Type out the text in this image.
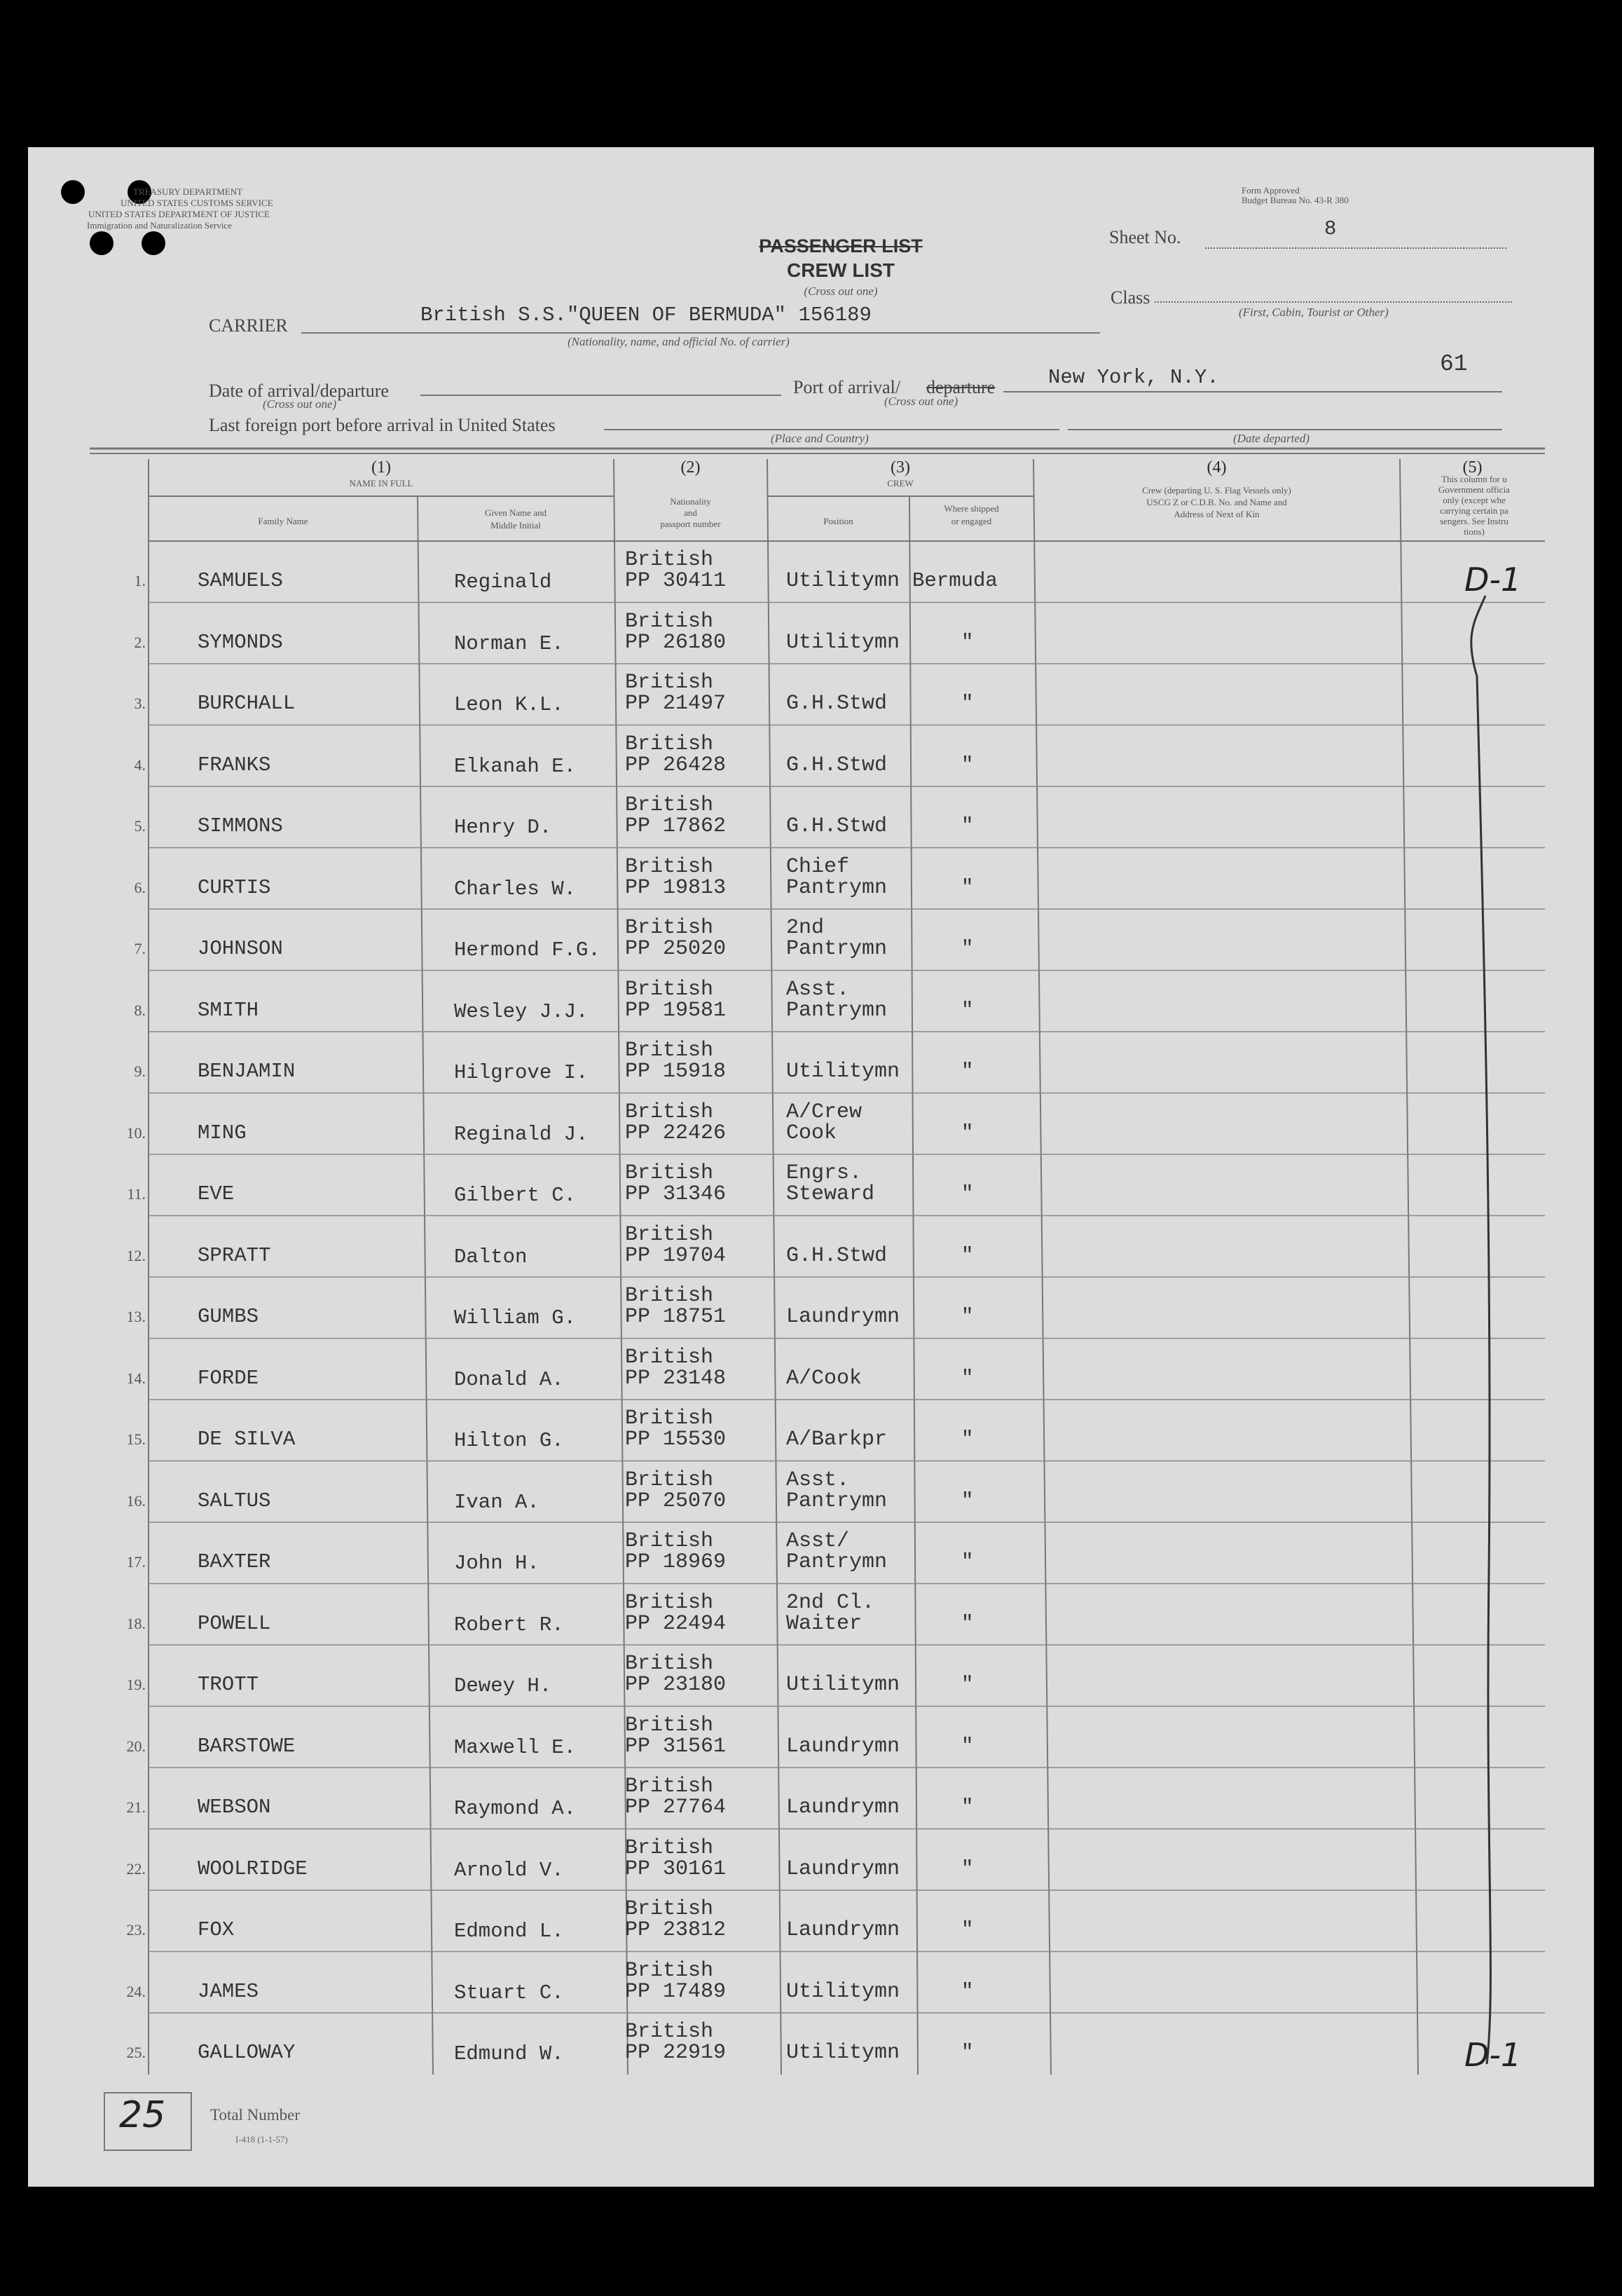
TREASURY DEPARTMENT
UNITED STATES CUSTOMS SERVICE
UNITED STATES DEPARTMENT OF JUSTICE
Immigration and Naturalization Service
Form Approved
Budget Bureau No. 43-R 380
PASSENGER LIST
CREW LIST
(Cross out one)
Sheet No.	8
Class
(First, Cabin, Tourist or Other)
CARRIER	British S.S."QUEEN OF BERMUDA" 156189
(Nationality, name, and official No. of carrier)
Date of arrival/departure
(Cross out one)
Port of arrival/ departure
(Cross out one)
New York, N.Y.
61
Last foreign port before arrival in United States
(Place and Country)	(Date departed)
(1)
NAME IN FULL
Family Name
Given Name and
Middle Initial
(2)
Nationality
and
passport number
(3)
CREW
Position
Where shipped
or engaged
(4)
Crew (departing U. S. Flag Vessels only)
USCG Z or C.D.B. No. and Name and
Address of Next of Kin
(5)
This column for u
Government officia
only (except whe
carrying certain pa
sengers. See Instru
tions)
1.	SAMUELS	Reginald
British
PP 30411	Utilitymn Bermuda
2.	SYMONDS	Norman E.
British
PP 26180	Utilitymn	"
3.	BURCHALL	Leon K.L.
British
PP 21497	G.H.Stwd	"
4.	FRANKS	Elkanah E.
British
PP 26428	G.H.Stwd	"
5.	SIMMONS	Henry D.
British
PP 17862	G.H.Stwd	"
6.	CURTIS	Charles W.
British
PP 19813
Chief
Pantrymn	"
7.	JOHNSON	Hermond F.G.
British
PP 25020
2nd
Pantrymn	"
8.	SMITH	Wesley J.J.
British
PP 19581
Asst.
Pantrymn	"
9.	BENJAMIN	Hilgrove I.
British
PP 15918	Utilitymn	"
10.	MING	Reginald J.
British
PP 22426
A/Crew
Cook	"
11.	EVE	Gilbert C.
British
PP 31346
Engrs.
Steward	"
12.	SPRATT	Dalton
British
PP 19704	G.H.Stwd	"
13.	GUMBS	William G.
British
PP 18751	Laundrymn	"
14.	FORDE	Donald A.
British
PP 23148	A/Cook	"
15.	DE SILVA	Hilton G.
British
PP 15530	A/Barkpr	"
16.	SALTUS	Ivan A.
British
PP 25070
Asst.
Pantrymn	"
17.	BAXTER	John H.
British
PP 18969
Asst/
Pantrymn	"
18.	POWELL	Robert R.
British
PP 22494
2nd Cl.
Waiter	"
19.	TROTT	Dewey H.
British
PP 23180	Utilitymn	"
20.	BARSTOWE	Maxwell E.
British
PP 31561	Laundrymn	"
21.	WEBSON	Raymond A.
British
PP 27764	Laundrymn	"
22.	WOOLRIDGE	Arnold V.
British
PP 30161	Laundrymn	"
23.	FOX	Edmond L.
British
PP 23812	Laundrymn	"
24.	JAMES	Stuart C.
British
PP 17489	Utilitymn	"
25.	GALLOWAY	Edmund W.
British
PP 22919	Utilitymn	"
D-1
D-1
25	Total Number
I-418 (1-1-57)
